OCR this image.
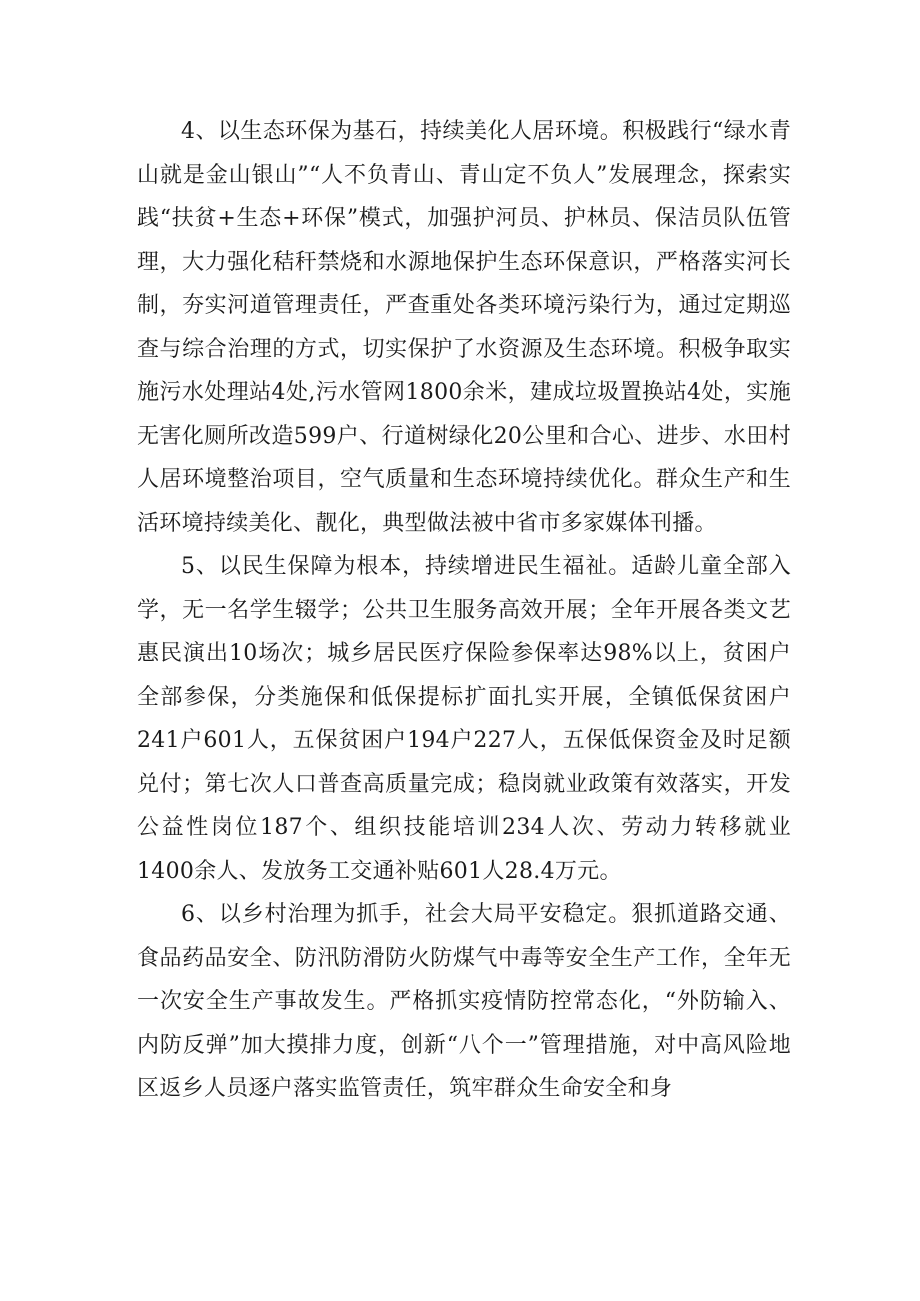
4、以生态环保为基石，持续美化人居环境。积极践行“绿水青山就是金山银山”“人不负青山、青山定不负人”发展理念，探索实践“扶贫+生态+环保”模式，加强护河员、护林员、保洁员队伍管理，大力强化秸秆禁烧和水源地保护生态环保意识，严格落实河长制，夯实河道管理责任，严查重处各类环境污染行为，通过定期巡查与综合治理的方式，切实保护了水资源及生态环境。积极争取实施污水处理站4处,污水管网1800余米，建成垃圾置换站4处，实施无害化厕所改造599户、行道树绿化20公里和合心、进步、水田村人居环境整治项目，空气质量和生态环境持续优化。群众生产和生活环境持续美化、靓化，典型做法被中省市多家媒体刊播。

5、以民生保障为根本，持续增进民生福祉。适龄儿童全部入学，无一名学生辍学；公共卫生服务高效开展；全年开展各类文艺惠民演出10场次；城乡居民医疗保险参保率达98%以上，贫困户全部参保，分类施保和低保提标扩面扎实开展，全镇低保贫困户241户601人，五保贫困户194户227人，五保低保资金及时足额兑付；第七次人口普查高质量完成；稳岗就业政策有效落实，开发公益性岗位187个、组织技能培训234人次、劳动力转移就业1400余人、发放务工交通补贴601人28.4万元。

6、以乡村治理为抓手，社会大局平安稳定。狠抓道路交通、食品药品安全、防汛防滑防火防煤气中毒等安全生产工作，全年无一次安全生产事故发生。严格抓实疫情防控常态化，“外防输入、内防反弹”加大摸排力度，创新“八个一”管理措施，对中高风险地区返乡人员逐户落实监管责任，筑牢群众生命安全和身
